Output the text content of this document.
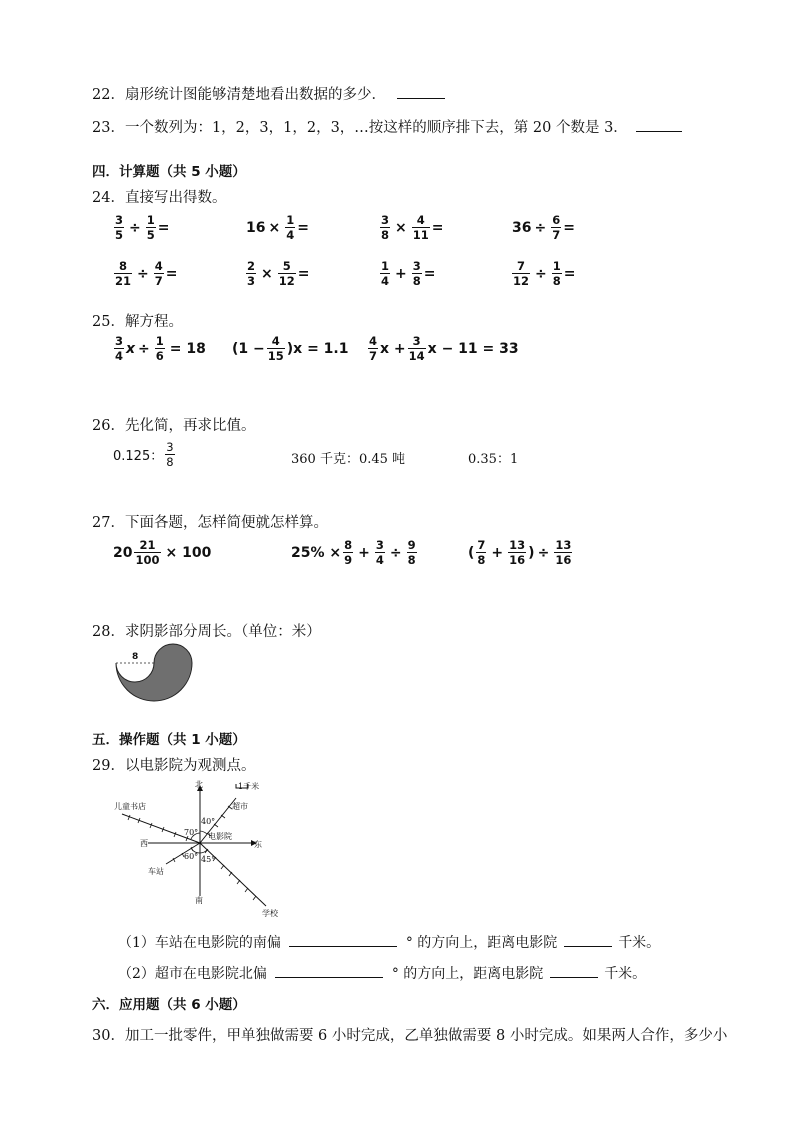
22．扇形统计图能够清楚地看出数据的多少．
23．一个数列为：1，2，3，1，2，3，…按这样的顺序排下去，第 20 个数是 3．
四．计算题（共 5 小题）
24．直接写出得数。
$\frac{3}{5} \div \frac{1}{5}$ =	$16 \times \frac{1}{4}$ =	$\frac{3}{8} \times \frac{4}{11}$ =	$36 \div \frac{6}{7}$ =
$\frac{8}{21} \div \frac{4}{7}$ =	$\frac{2}{3} \times \frac{5}{12}$ =	$\frac{1}{4} + \frac{3}{8}$ =	$\frac{7}{12} \div \frac{1}{8}$ =
25．解方程。
$\frac{3}{4}$ $x \div \frac{1}{6} = 18$ $(1 - \frac{4}{15} )x = 1.1 \frac{4}{7}$ $x + \frac{3}{14}$ x − 11 = 33
26．先化简，再求比值。
0.125： $\frac{3}{8}$	360 千克：0.45 吨	0.35：1
27．下面各题，怎样简便就怎样算。
$20 \frac{21}{100} \times 100$	$25\% \times \frac{8}{9} + \frac{3}{4} \div \frac{9}{8}$	( $\frac{7}{8} + \frac{13}{16}$ ) ÷ $\frac{13}{16}$
28．求阴影部分周长。（单位：米）
8
五．操作题（共 1 小题）
29．以电影院为观测点。
北
南
西	东
电影院
儿童书店	超市
车站
学校
1千米
70°
40°
60° 45°
（1）车站在电影院的南偏	° 的方向上，距离电影院	千米。
（2）超市在电影院北偏	° 的方向上，距离电影院	千米。
六．应用题（共 6 小题）
30．加工一批零件，甲单独做需要 6 小时完成，乙单独做需要 8 小时完成。如果两人合作，多少小
